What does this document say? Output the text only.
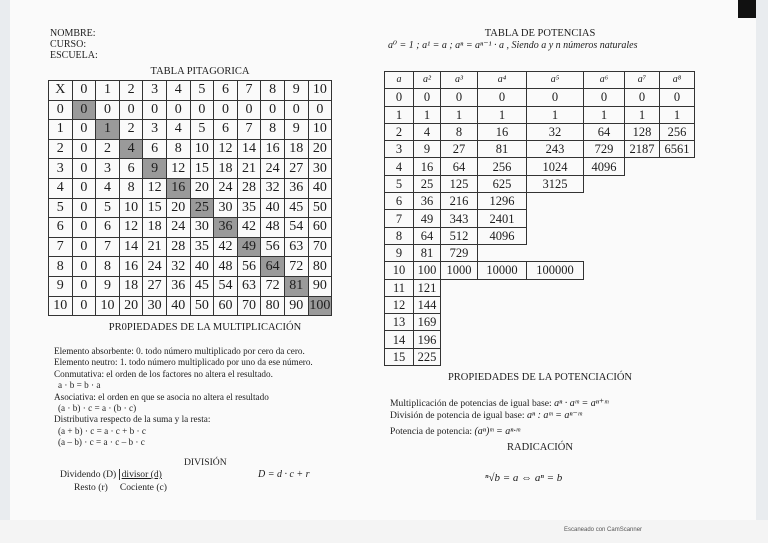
NOMBRE:
CURSO:
ESCUELA:
TABLA PITAGORICA
X	0	1	2	3	4	5	6	7	8	9	10
0	0	0	0	0	0	0	0	0	0	0	0
1	0	1	2	3	4	5	6	7	8	9	10
2	0	2	4	6	8	10	12	14	16	18	20
3	0	3	6	9	12	15	18	21	24	27	30
4	0	4	8	12	16	20	24	28	32	36	40
5	0	5	10	15	20	25	30	35	40	45	50
6	0	6	12	18	24	30	36	42	48	54	60
7	0	7	14	21	28	35	42	49	56	63	70
8	0	8	16	24	32	40	48	56	64	72	80
9	0	9	18	27	36	45	54	63	72	81	90
10	0	10	20	30	40	50	60	70	80	90	100
PR0PIEDADES DE LA MULTIPLICACIÓN
Elemento absorbente: 0. todo número multiplicado por cero da cero.
Elemento neutro: 1. todo número multiplicado por uno da ese número.
Conmutativa: el orden de los factores no altera el resultado.
a · b = b · a
Asociativa: el orden en que se asocia no altera el resultado
(a · b) · c = a · (b · c)
Distributiva respecto de la suma y la resta:
(a + b) · c = a · c + b · c
(a – b) · c = a · c – b · c
DIVISIÓN
Dividendo (D) divisor (d)
Resto (r) Cociente (c)
D = d · c + r
TABLA DE POTENCIAS
a⁰ = 1 ; a¹ = a ; aⁿ = aⁿ⁻¹ · a , Siendo a y n números naturales
a	a²	a³	a⁴	a⁵	a⁶	a⁷	a⁸
0	0	0	0	0	0	0	0
1	1	1	1	1	1	1	1
2	4	8	16	32	64	128	256
3	9	27	81	243	729	2187	6561
4	16	64	256	1024	4096		
5	25	125	625	3125			
6	36	216	1296				
7	49	343	2401				
8	64	512	4096				
9	81	729					
10	100	1000	10000	100000			
11	121						
12	144						
13	169						
14	196						
15	225						
PROPIEDADES DE LA POTENCIACIÓN
Multiplicación de potencias de igual base: aⁿ · aᵐ = aⁿ⁺ᵐ
División de potencia de igual base: aⁿ : aᵐ = aⁿ⁻ᵐ
Potencia de potencia: (aⁿ)ᵐ = aⁿ·ᵐ
RADICACIÓN
ⁿ√b = a ⇔ aⁿ = b
Escaneado con CamScanner
